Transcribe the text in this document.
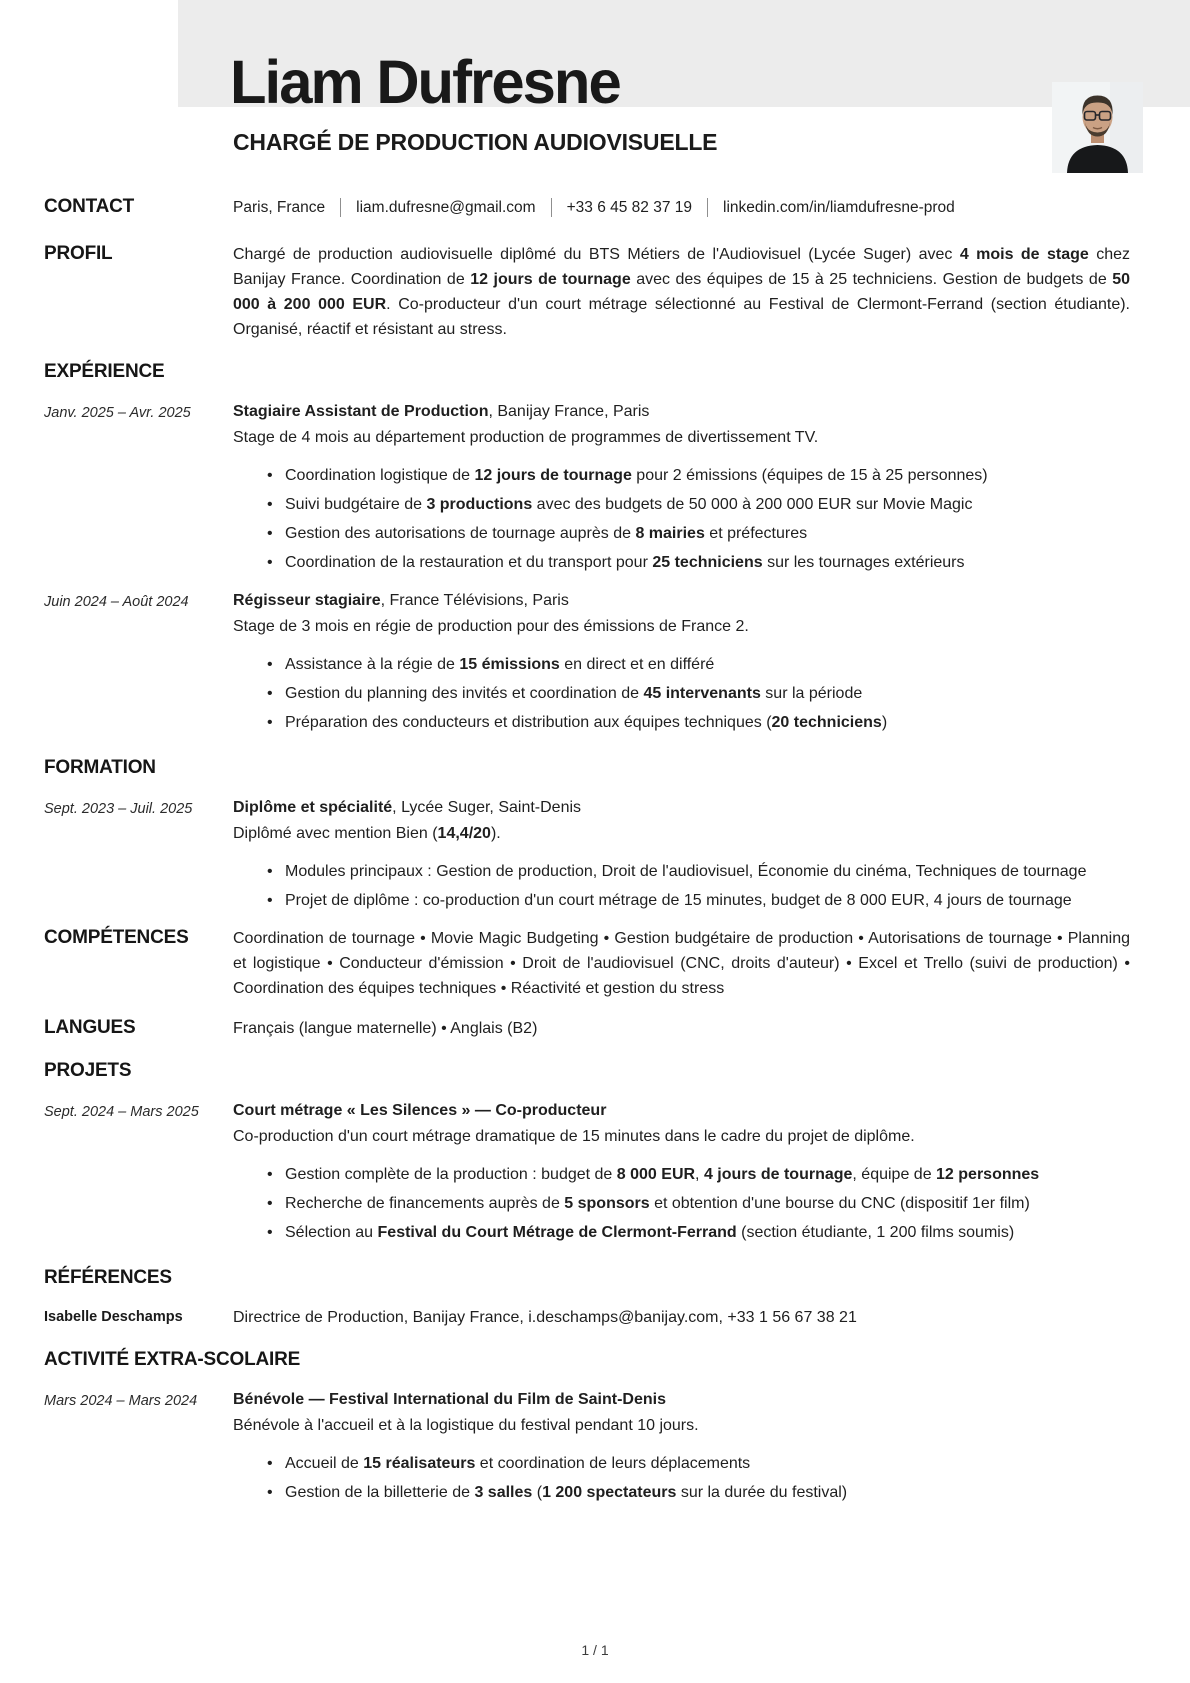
Liam Dufresne
CHARGÉ DE PRODUCTION AUDIOVISUELLE
CONTACT	Paris, France liam.dufresne@gmail.com +33 6 45 82 37 19 linkedin.com/in/liamdufresne-prod
PROFIL	Chargé de production audiovisuelle diplômé du BTS Métiers de l'Audiovisuel (Lycée Suger) avec 4 mois de stage chez Banijay France. Coordination de 12 jours de tournage avec des équipes de 15 à 25 techniciens. Gestion de budgets de 50 000 à 200 000 EUR. Co-producteur d'un court métrage sélectionné au Festival de Clermont-Ferrand (section étudiante). Organisé, réactif et résistant au stress.
EXPÉRIENCE
Janv. 2025 – Avr. 2025	Stagiaire Assistant de Production, Banijay France, Paris
Stage de 4 mois au département production de programmes de divertissement TV.
• Coordination logistique de 12 jours de tournage pour 2 émissions (équipes de 15 à 25 personnes)
• Suivi budgétaire de 3 productions avec des budgets de 50 000 à 200 000 EUR sur Movie Magic
• Gestion des autorisations de tournage auprès de 8 mairies et préfectures
• Coordination de la restauration et du transport pour 25 techniciens sur les tournages extérieurs
Juin 2024 – Août 2024	Régisseur stagiaire, France Télévisions, Paris
Stage de 3 mois en régie de production pour des émissions de France 2.
• Assistance à la régie de 15 émissions en direct et en différé
• Gestion du planning des invités et coordination de 45 intervenants sur la période
• Préparation des conducteurs et distribution aux équipes techniques (20 techniciens)
FORMATION
Sept. 2023 – Juil. 2025	Diplôme et spécialité, Lycée Suger, Saint-Denis
Diplômé avec mention Bien (14,4/20).
• Modules principaux : Gestion de production, Droit de l'audiovisuel, Économie du cinéma, Techniques de tournage
• Projet de diplôme : co-production d'un court métrage de 15 minutes, budget de 8 000 EUR, 4 jours de tournage
COMPÉTENCES	Coordination de tournage • Movie Magic Budgeting • Gestion budgétaire de production • Autorisations de tournage • Planning et logistique • Conducteur d'émission • Droit de l'audiovisuel (CNC, droits d'auteur) • Excel et Trello (suivi de production) • Coordination des équipes techniques • Réactivité et gestion du stress
LANGUES	Français (langue maternelle) • Anglais (B2)
PROJETS
Sept. 2024 – Mars 2025	Court métrage « Les Silences » — Co-producteur
Co-production d'un court métrage dramatique de 15 minutes dans le cadre du projet de diplôme.
• Gestion complète de la production : budget de 8 000 EUR, 4 jours de tournage, équipe de 12 personnes
• Recherche de financements auprès de 5 sponsors et obtention d'une bourse du CNC (dispositif 1er film)
• Sélection au Festival du Court Métrage de Clermont-Ferrand (section étudiante, 1 200 films soumis)
RÉFÉRENCES
Isabelle Deschamps	Directrice de Production, Banijay France, i.deschamps@banijay.com, +33 1 56 67 38 21
ACTIVITÉ EXTRA-SCOLAIRE
Mars 2024 – Mars 2024	Bénévole — Festival International du Film de Saint-Denis
Bénévole à l'accueil et à la logistique du festival pendant 10 jours.
• Accueil de 15 réalisateurs et coordination de leurs déplacements
• Gestion de la billetterie de 3 salles (1 200 spectateurs sur la durée du festival)
1 / 1
